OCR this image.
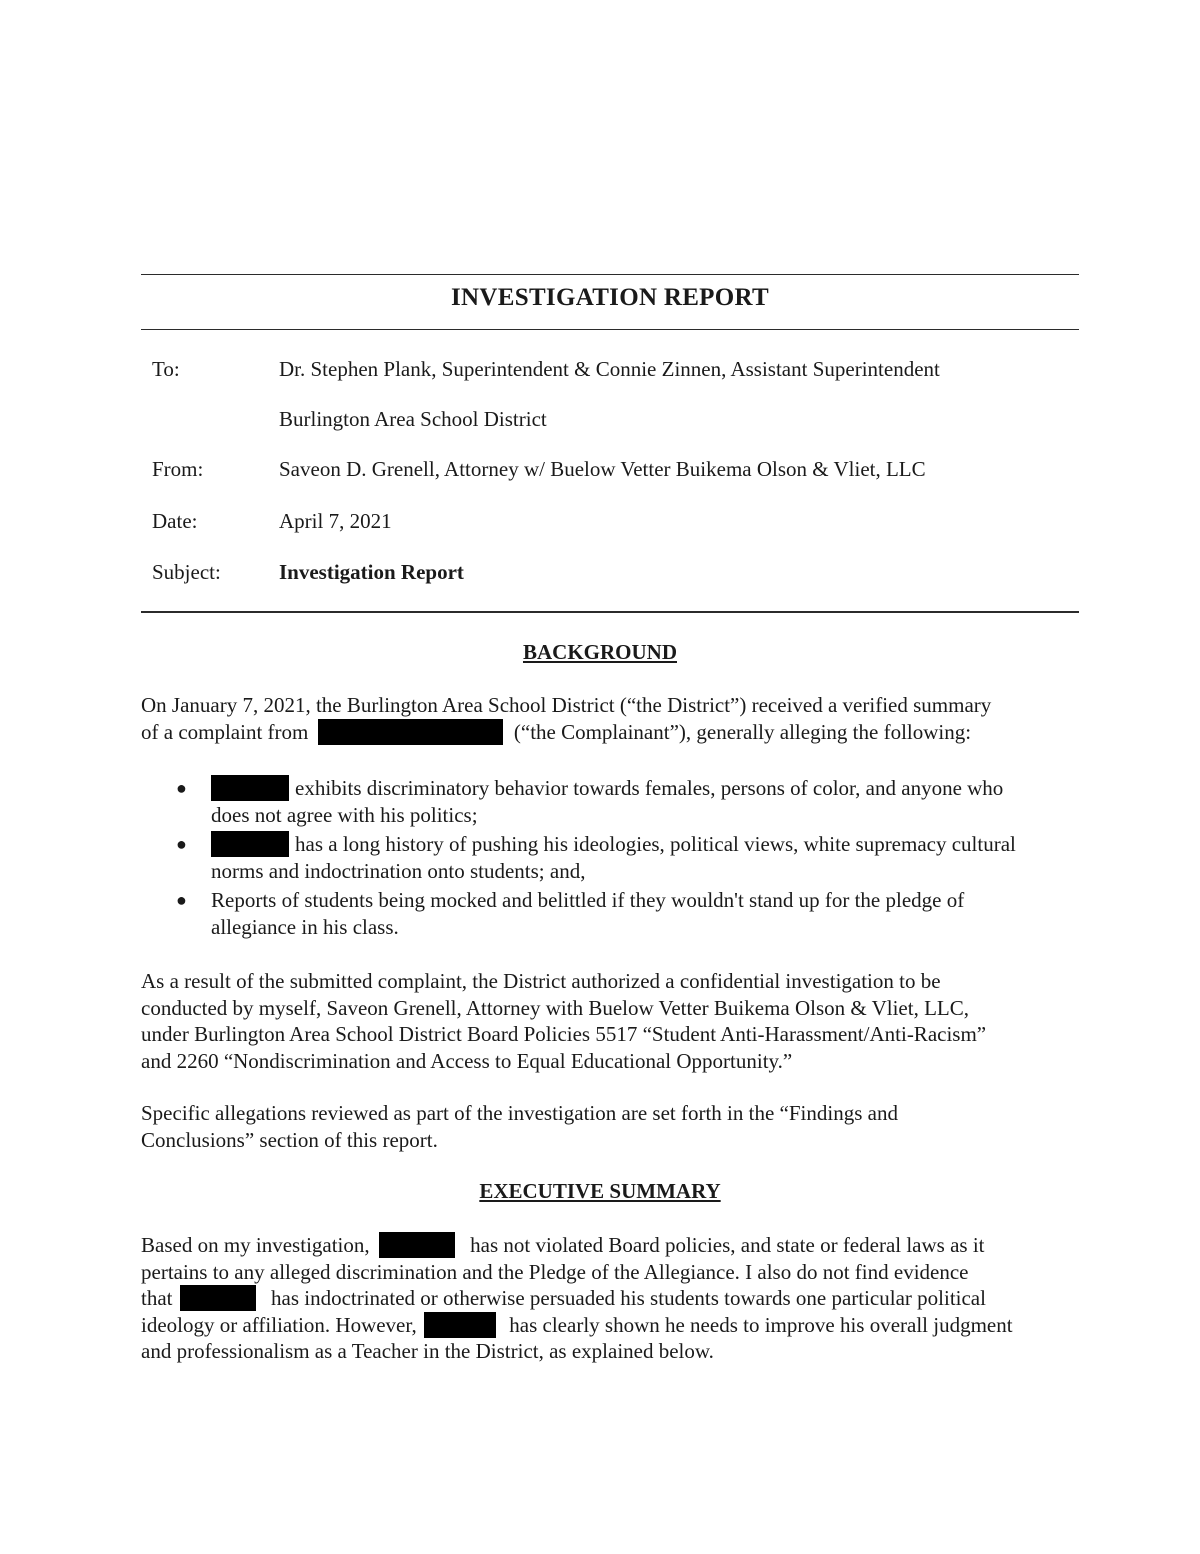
INVESTIGATION REPORT
To:	Dr. Stephen Plank, Superintendent & Connie Zinnen, Assistant Superintendent
Burlington Area School District
From:	Saveon D. Grenell, Attorney w/ Buelow Vetter Buikema Olson & Vliet, LLC
Date:	April 7, 2021
Subject:	Investigation Report
BACKGROUND
On January 7, 2021, the Burlington Area School District (“the District”) received a verified summary
of a complaint from	(“the Complainant”), generally alleging the following:
●	exhibits discriminatory behavior towards females, persons of color, and anyone who
does not agree with his politics;
●	has a long history of pushing his ideologies, political views, white supremacy cultural
norms and indoctrination onto students; and,
● Reports of students being mocked and belittled if they wouldn't stand up for the pledge of
allegiance in his class.
As a result of the submitted complaint, the District authorized a confidential investigation to be
conducted by myself, Saveon Grenell, Attorney with Buelow Vetter Buikema Olson & Vliet, LLC,
under Burlington Area School District Board Policies 5517 “Student Anti-Harassment/Anti-Racism”
and 2260 “Nondiscrimination and Access to Equal Educational Opportunity.”
Specific allegations reviewed as part of the investigation are set forth in the “Findings and
Conclusions” section of this report.
EXECUTIVE SUMMARY
Based on my investigation,	has not violated Board policies, and state or federal laws as it
pertains to any alleged discrimination and the Pledge of the Allegiance. I also do not find evidence
that	has indoctrinated or otherwise persuaded his students towards one particular political
ideology or affiliation. However,	has clearly shown he needs to improve his overall judgment
and professionalism as a Teacher in the District, as explained below.
